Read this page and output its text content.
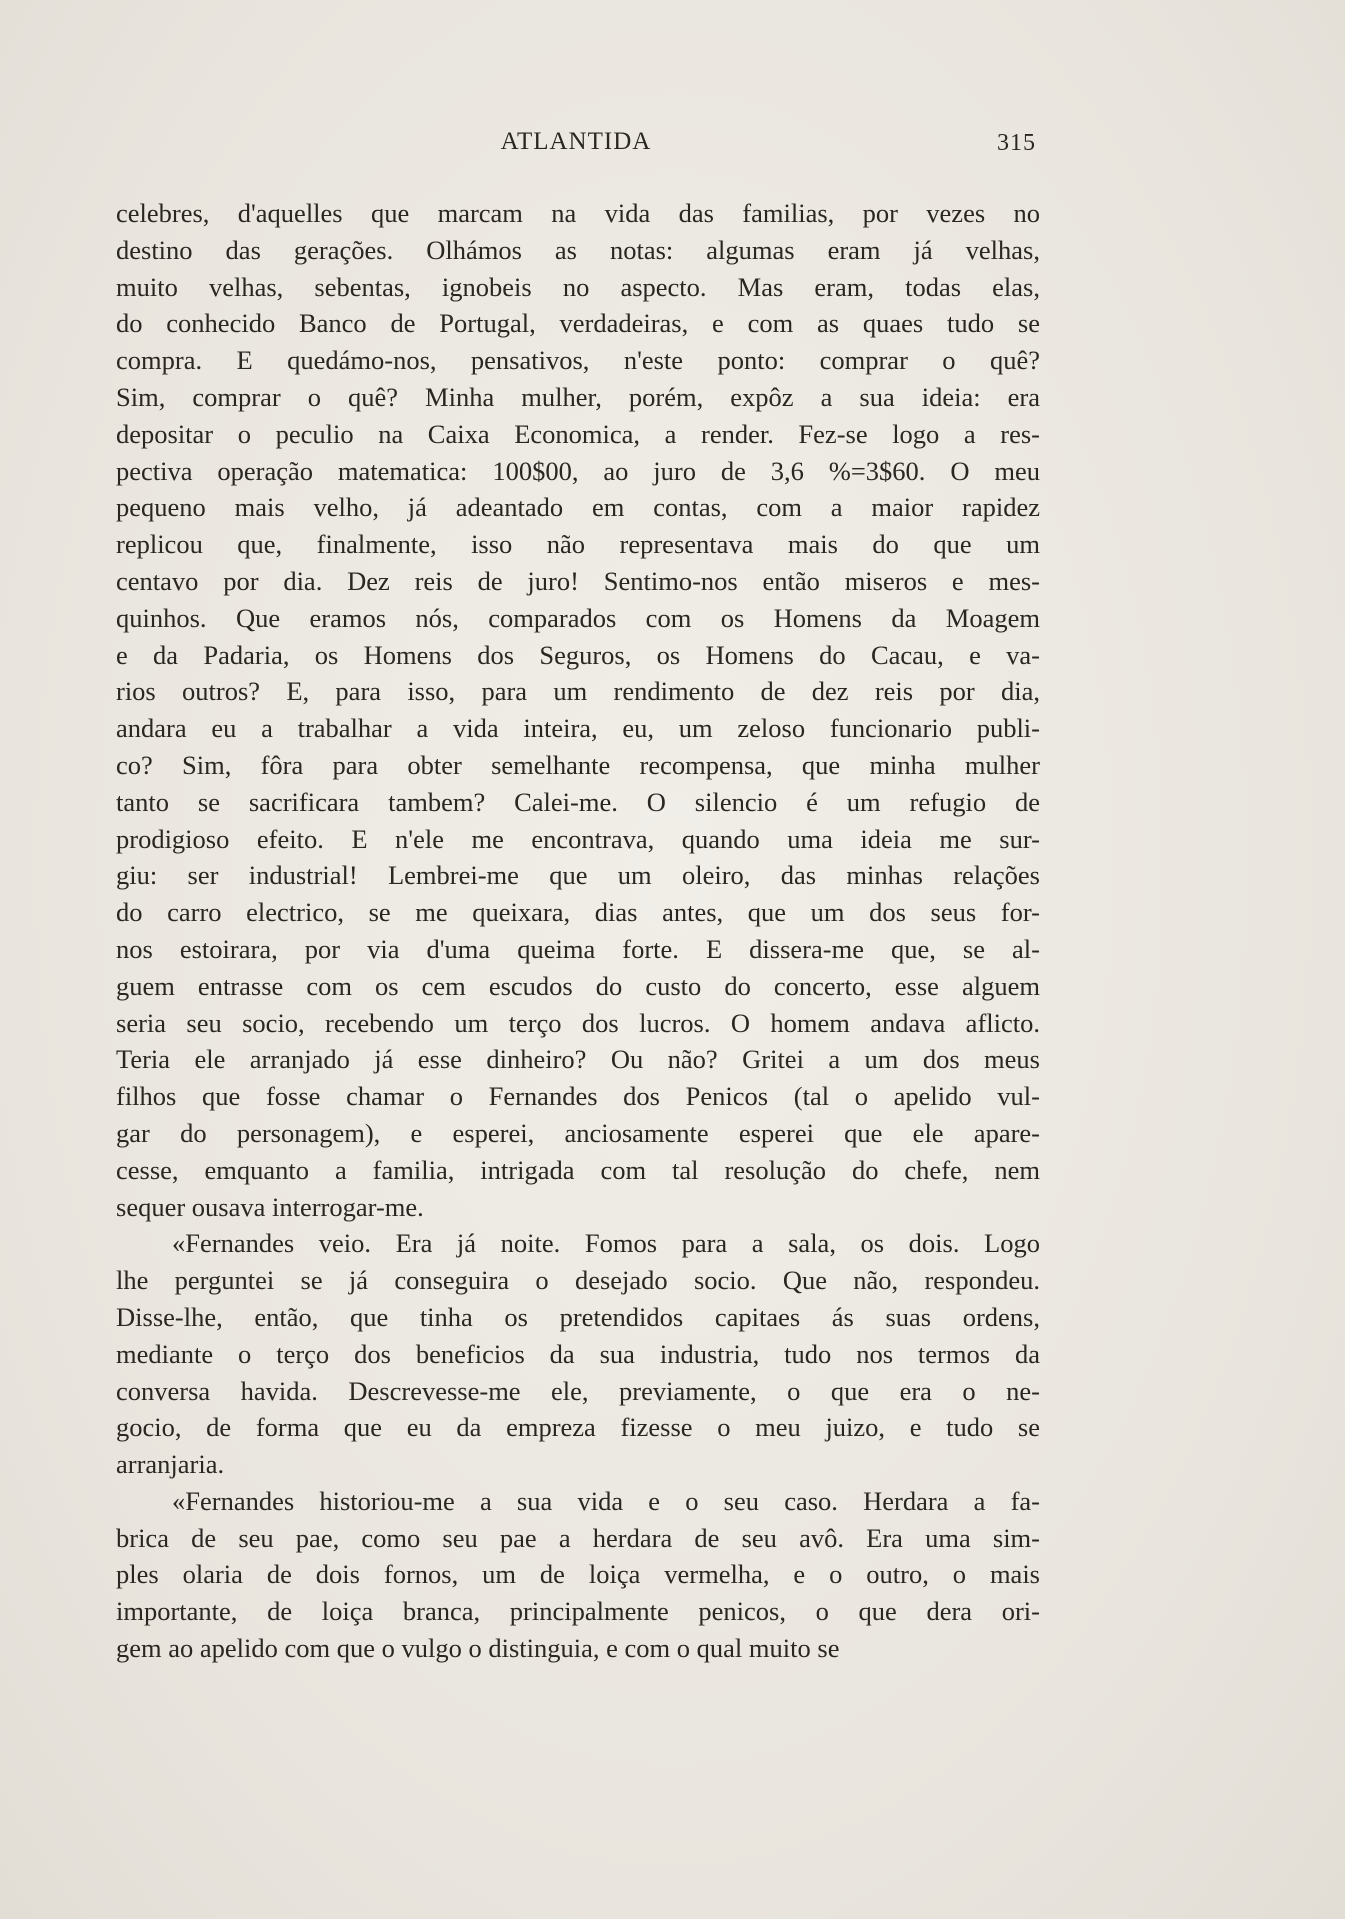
ATLANTIDA	315
celebres, d'aquelles que marcam na vida das familias, por vezes no
destino das gerações. Olhámos as notas: algumas eram já velhas,
muito velhas, sebentas, ignobeis no aspecto. Mas eram, todas elas,
do conhecido Banco de Portugal, verdadeiras, e com as quaes tudo se
compra. E quedámo-nos, pensativos, n'este ponto: comprar o quê?
Sim, comprar o quê? Minha mulher, porém, expôz a sua ideia: era
depositar o peculio na Caixa Economica, a render. Fez-se logo a res-
pectiva operação matematica: 100$00, ao juro de 3,6 %=3$60. O meu
pequeno mais velho, já adeantado em contas, com a maior rapidez
replicou que, finalmente, isso não representava mais do que um
centavo por dia. Dez reis de juro! Sentimo-nos então miseros e mes-
quinhos. Que eramos nós, comparados com os Homens da Moagem
e da Padaria, os Homens dos Seguros, os Homens do Cacau, e va-
rios outros? E, para isso, para um rendimento de dez reis por dia,
andara eu a trabalhar a vida inteira, eu, um zeloso funcionario publi-
co? Sim, fôra para obter semelhante recompensa, que minha mulher
tanto se sacrificara tambem? Calei-me. O silencio é um refugio de
prodigioso efeito. E n'ele me encontrava, quando uma ideia me sur-
giu: ser industrial! Lembrei-me que um oleiro, das minhas relações
do carro electrico, se me queixara, dias antes, que um dos seus for-
nos estoirara, por via d'uma queima forte. E dissera-me que, se al-
guem entrasse com os cem escudos do custo do concerto, esse alguem
seria seu socio, recebendo um terço dos lucros. O homem andava aflicto.
Teria ele arranjado já esse dinheiro? Ou não? Gritei a um dos meus
filhos que fosse chamar o Fernandes dos Penicos (tal o apelido vul-
gar do personagem), e esperei, anciosamente esperei que ele apare-
cesse, emquanto a familia, intrigada com tal resolução do chefe, nem
sequer ousava interrogar-me.
«Fernandes veio. Era já noite. Fomos para a sala, os dois. Logo
lhe perguntei se já conseguira o desejado socio. Que não, respondeu.
Disse-lhe, então, que tinha os pretendidos capitaes ás suas ordens,
mediante o terço dos beneficios da sua industria, tudo nos termos da
conversa havida. Descrevesse-me ele, previamente, o que era o ne-
gocio, de forma que eu da empreza fizesse o meu juizo, e tudo se
arranjaria.
«Fernandes historiou-me a sua vida e o seu caso. Herdara a fa-
brica de seu pae, como seu pae a herdara de seu avô. Era uma sim-
ples olaria de dois fornos, um de loiça vermelha, e o outro, o mais
importante, de loiça branca, principalmente penicos, o que dera ori-
gem ao apelido com que o vulgo o distinguia, e com o qual muito se
